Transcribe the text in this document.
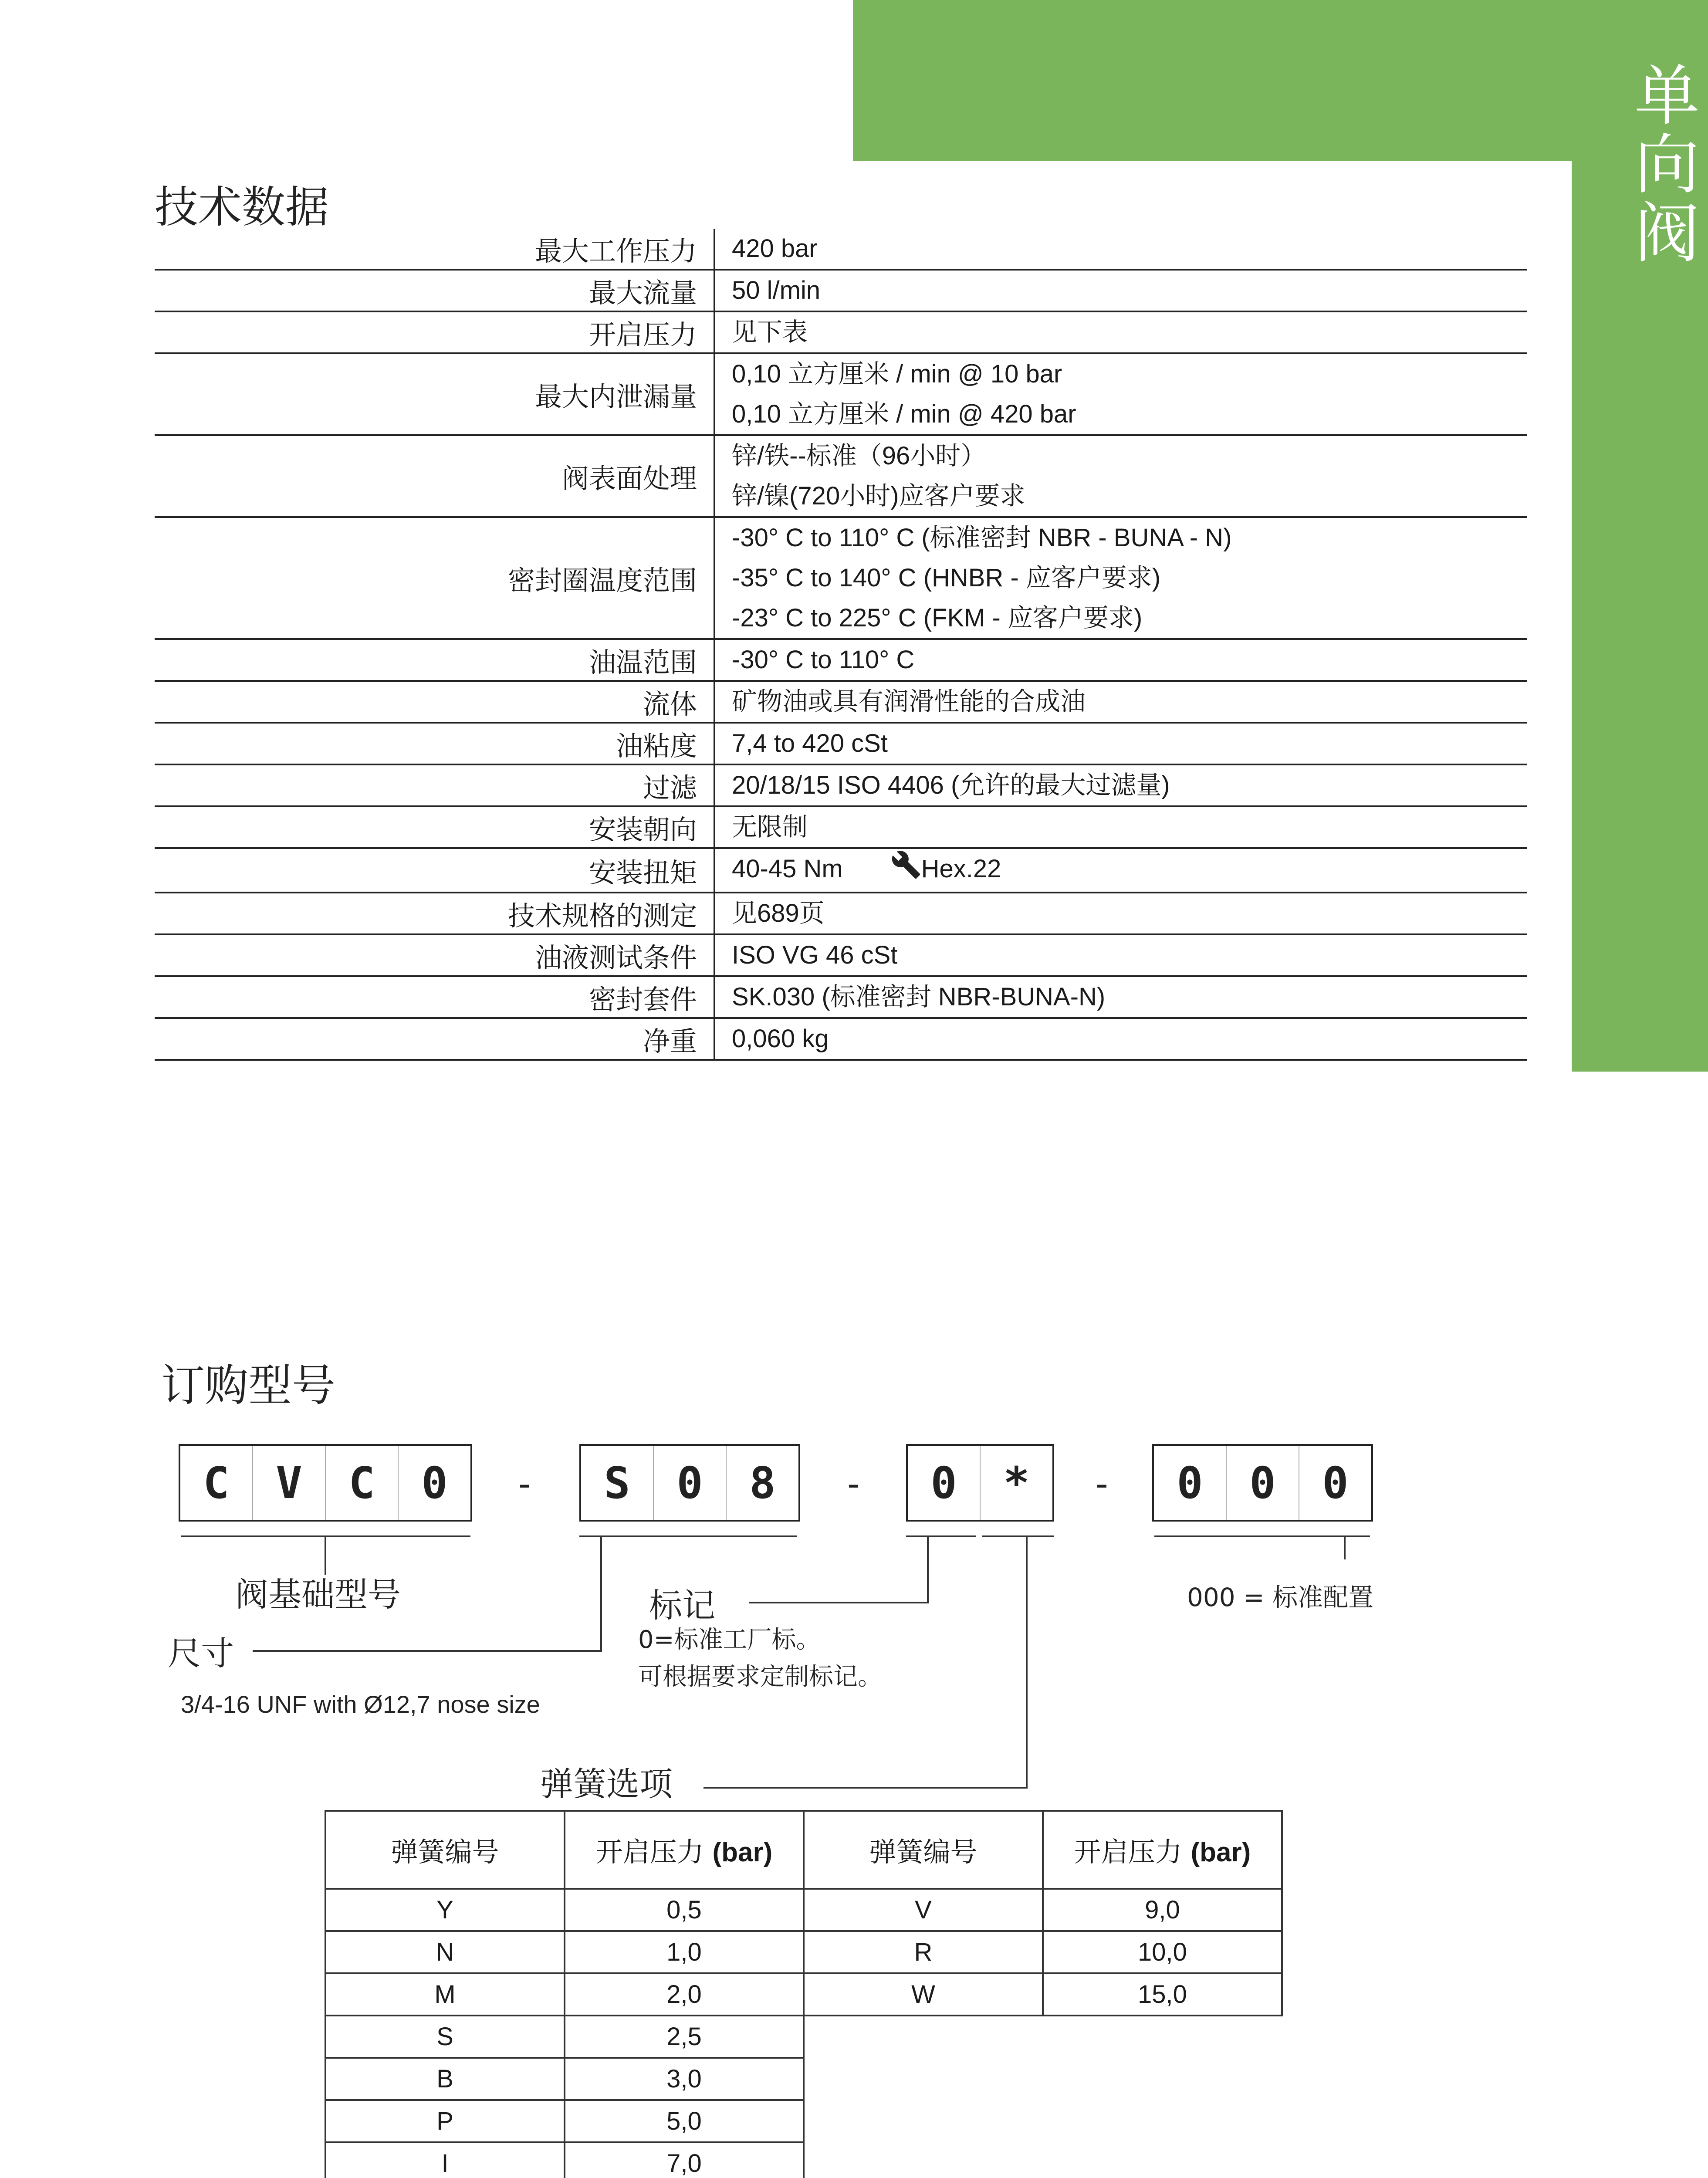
单向阀
技术数据
最大工作压力	420 bar

最大流量	50 l/min

开启压力	见下表

最大内泄漏量	0,10 立方厘米 / min @ 10 bar
0,10 立方厘米 / min @ 420 bar

阀表面处理	锌/铁--标准（96小时）
锌/镍(720小时)应客户要求

密封圈温度范围	-30° C to 110° C (标准密封 NBR - BUNA - N)
-35° C to 140° C (HNBR - 应客户要求)
-23° C to 225° C (FKM - 应客户要求)

油温范围	-30° C to 110° C

流体	矿物油或具有润滑性能的合成油

油粘度	7,4 to 420 cSt

过滤	20/18/15 ISO 4406 (允许的最大过滤量)

安装朝向	无限制

安装扭矩	40-45 Nm Hex.22

技术规格的测定	见689页

油液测试条件	ISO VG 46 cSt

密封套件	SK.030 (标准密封 NBR-BUNA-N)

净重	0,060 kg
订购型号
C	V	C	0	-	S	0	8	-	0	*	-	0	0	0
阀基础型号
尺寸
3/4-16 UNF with Ø12,7 nose size
标记
0=标准工厂标。
可根据要求定制标记。
000 = 标准配置
弹簧选项
弹簧编号	开启压力 (bar)	弹簧编号	开启压力 (bar)
Y	0,5	V	9,0
N	1,0	R	10,0
M	2,0	W	15,0
S	2,5		
B	3,0		
P	5,0		
I	7,0		
